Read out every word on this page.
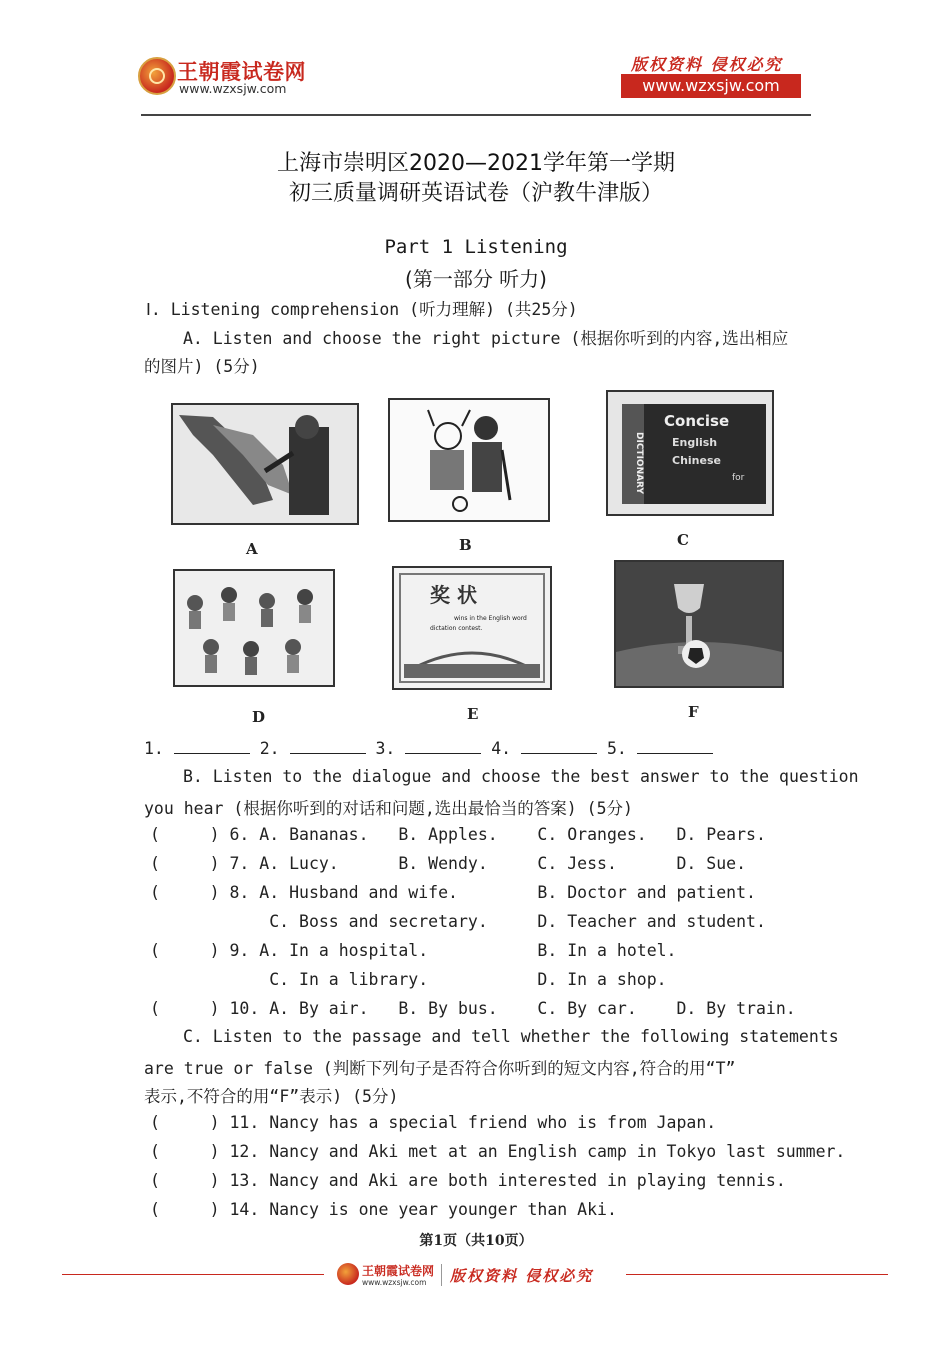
王朝霞试卷网
www.wzxsjw.com
版权资料 侵权必究
www.wzxsjw.com
上海市崇明区2020—2021学年第一学期
初三质量调研英语试卷（沪教牛津版）
Part 1 Listening
(第一部分 听力)
Ⅰ. Listening comprehension (听力理解) (共25分)
A. Listen and choose the right picture (根据你听到的内容,选出相应
的图片) (5分)
A	B
Concise
English
Chinese
for
DICTIONARY
C
D
奖 状
wins in the English word
dictation contest.
E	F
1.	2.	3.	4.	5.
B. Listen to the dialogue and choose the best answer to the question
you hear (根据你听到的对话和问题,选出最恰当的答案) (5分)
(     ) 6. A. Bananas.   B. Apples.    C. Oranges.   D. Pears.
(     ) 7. A. Lucy.      B. Wendy.     C. Jess.      D. Sue.
(     ) 8. A. Husband and wife.        B. Doctor and patient.
C. Boss and secretary.     D. Teacher and student.
(     ) 9. A. In a hospital.           B. In a hotel.
C. In a library.           D. In a shop.
(     ) 10. A. By air.   B. By bus.    C. By car.    D. By train.
C. Listen to the passage and tell whether the following statements
are true or false (判断下列句子是否符合你听到的短文内容,符合的用“T”
表示,不符合的用“F”表示) (5分)
(     ) 11. Nancy has a special friend who is from Japan.
(     ) 12. Nancy and Aki met at an English camp in Tokyo last summer.
(     ) 13. Nancy and Aki are both interested in playing tennis.
(     ) 14. Nancy is one year younger than Aki.
第1页（共10页）
王朝霞试卷网
www.wzxsjw.com 版权资料 侵权必究
